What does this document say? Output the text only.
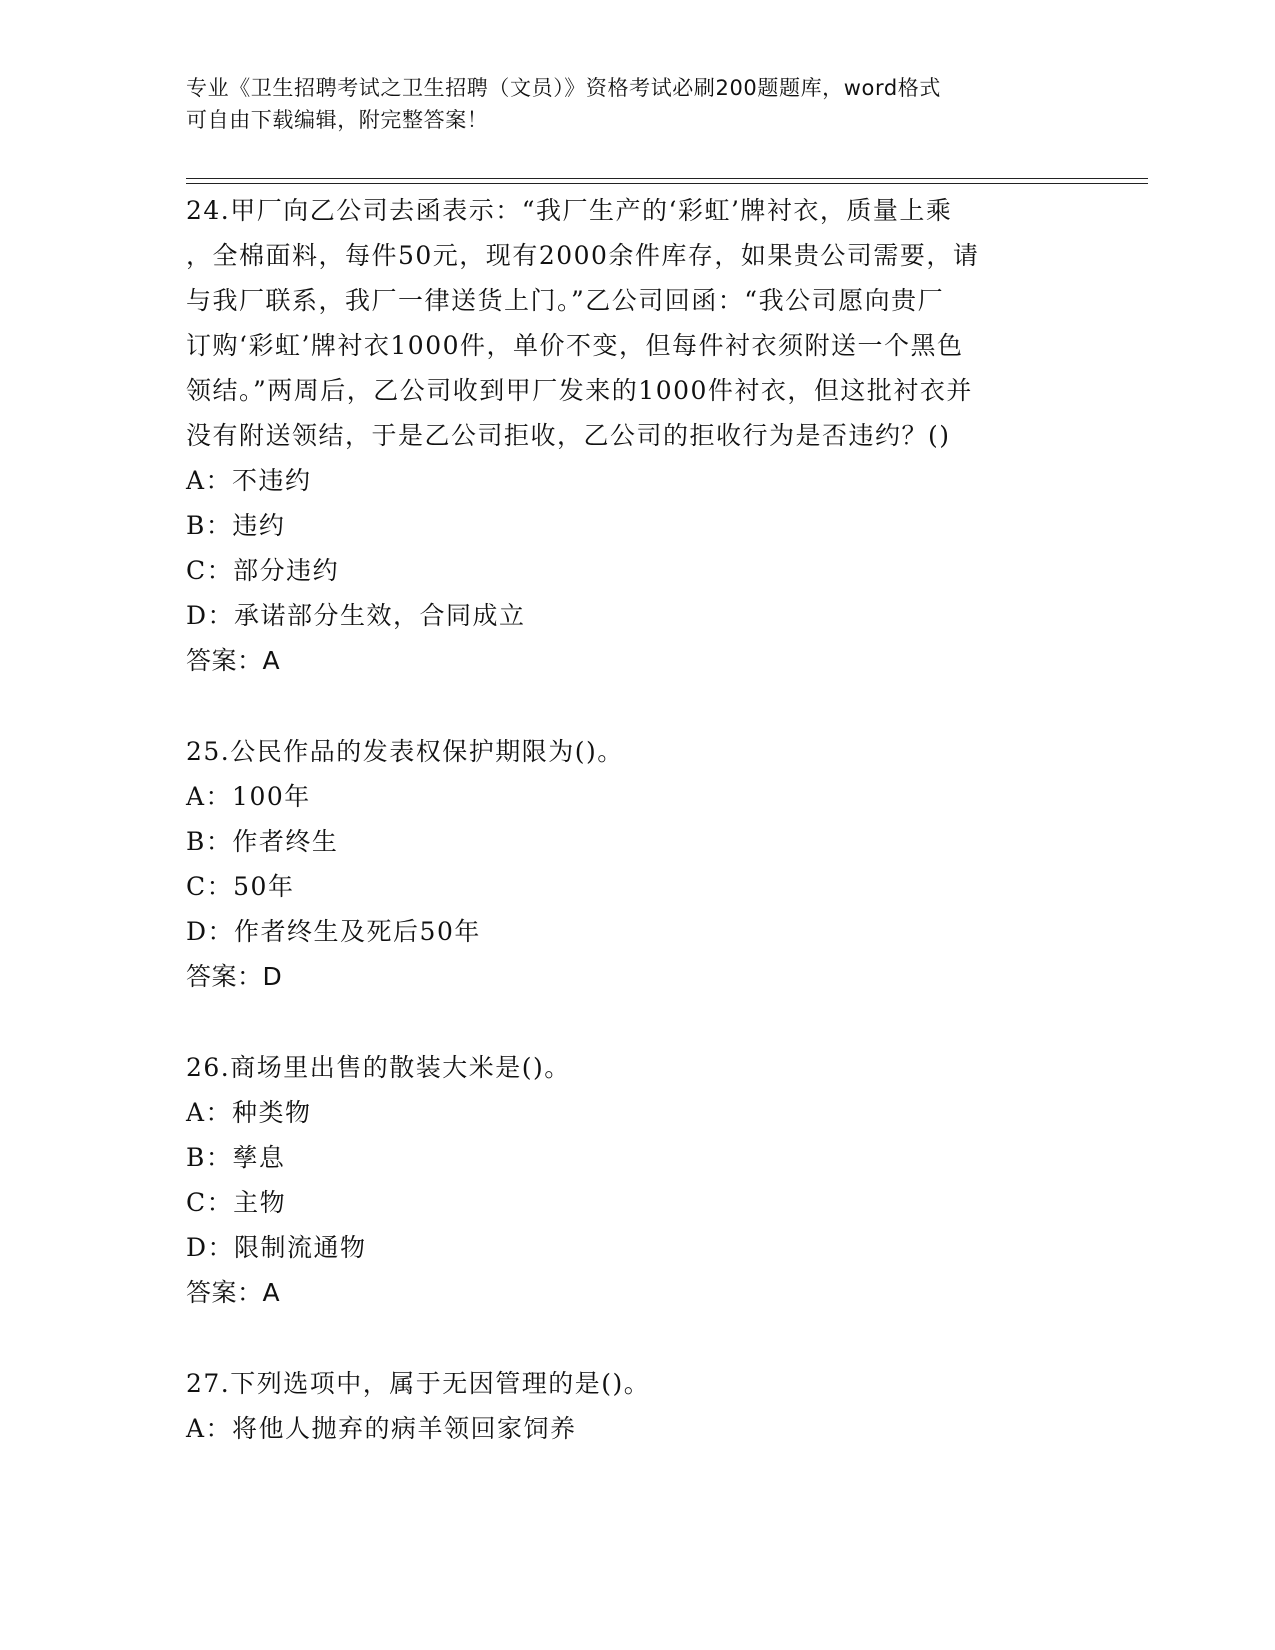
专业《卫生招聘考试之卫生招聘（文员）》资格考试必刷200题题库，word格式
可自由下载编辑，附完整答案！
24.甲厂向乙公司去函表示：“我厂生产的‘彩虹’牌衬衣，质量上乘
，全棉面料，每件50元，现有2000余件库存，如果贵公司需要，请
与我厂联系，我厂一律送货上门。”乙公司回函：“我公司愿向贵厂
订购‘彩虹’牌衬衣1000件，单价不变，但每件衬衣须附送一个黑色
领结。”两周后，乙公司收到甲厂发来的1000件衬衣，但这批衬衣并
没有附送领结，于是乙公司拒收，乙公司的拒收行为是否违约？()
A：不违约
B：违约
C：部分违约
D：承诺部分生效，合同成立
答案：A
25.公民作品的发表权保护期限为()。
A：100年
B：作者终生
C：50年
D：作者终生及死后50年
答案：D
26.商场里出售的散装大米是()。
A：种类物
B：孳息
C：主物
D：限制流通物
答案：A
27.下列选项中，属于无因管理的是()。
A：将他人抛弃的病羊领回家饲养
